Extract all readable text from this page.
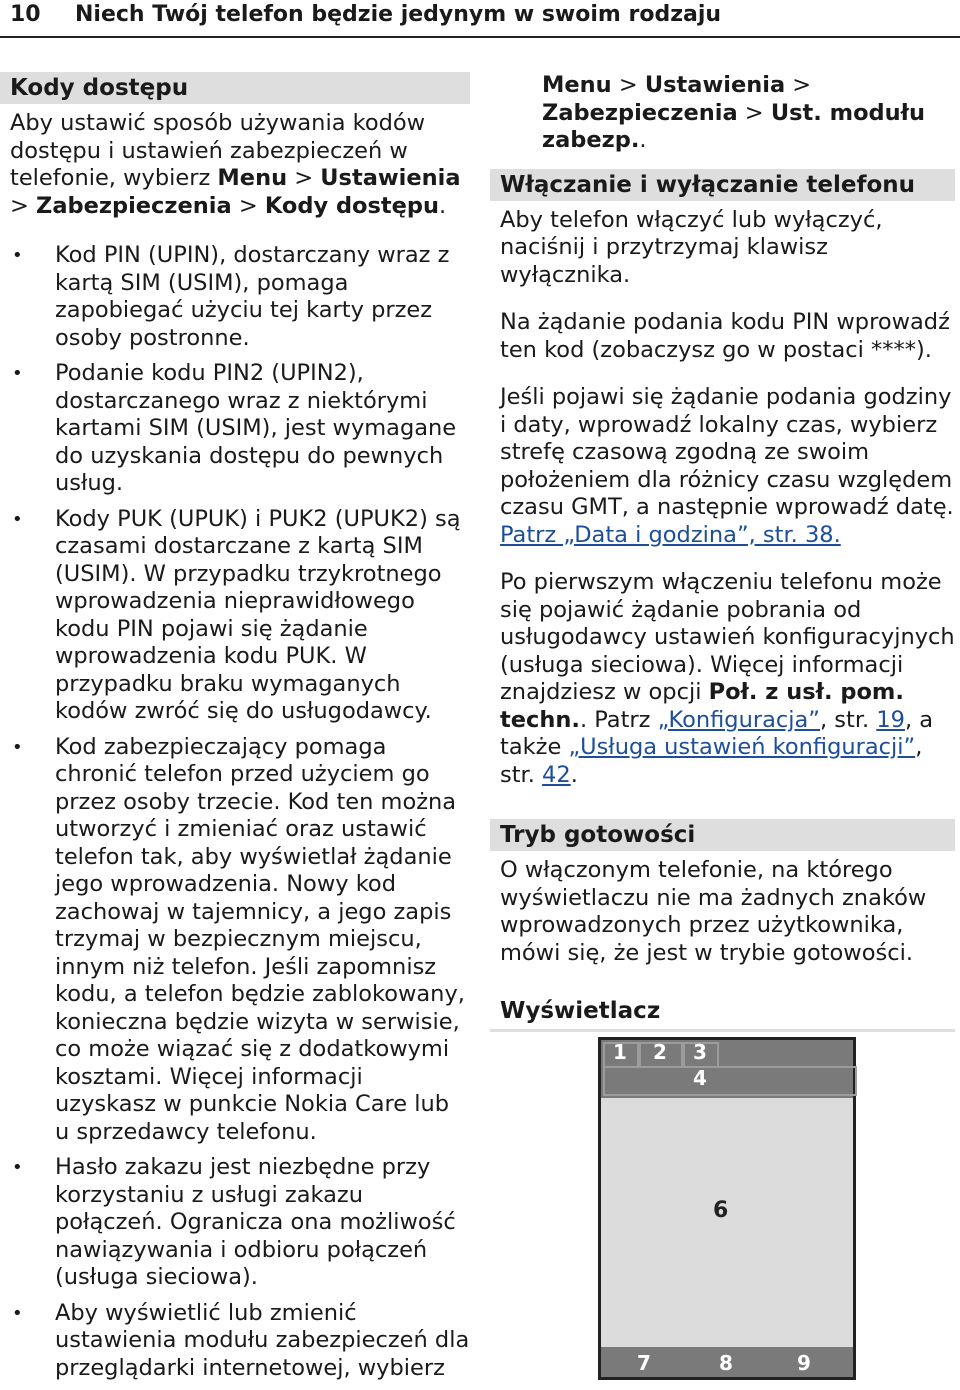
10 Niech Twój telefon będzie jedynym w swoim rodzaju
Kody dostępu

Aby ustawić sposób używania kodów dostępu i ustawień zabezpieczeń w telefonie, wybierz Menu > Ustawienia > Zabezpieczenia > Kody dostępu.

• Kod PIN (UPIN), dostarczany wraz z kartą SIM (USIM), pomaga zapobiegać użyciu tej karty przez osoby postronne.
• Podanie kodu PIN2 (UPIN2), dostarczanego wraz z niektórymi kartami SIM (USIM), jest wymagane do uzyskania dostępu do pewnych usług.
• Kody PUK (UPUK) i PUK2 (UPUK2) są czasami dostarczane z kartą SIM (USIM). W przypadku trzykrotnego wprowadzenia nieprawidłowego kodu PIN pojawi się żądanie wprowadzenia kodu PUK. W przypadku braku wymaganych kodów zwróć się do usługodawcy.
• Kod zabezpieczający pomaga chronić telefon przed użyciem go przez osoby trzecie. Kod ten można utworzyć i zmieniać oraz ustawić telefon tak, aby wyświetlał żądanie jego wprowadzenia. Nowy kod zachowaj w tajemnicy, a jego zapis trzymaj w bezpiecznym miejscu, innym niż telefon. Jeśli zapomnisz kodu, a telefon będzie zablokowany, konieczna będzie wizyta w serwisie, co może wiązać się z dodatkowymi kosztami. Więcej informacji uzyskasz w punkcie Nokia Care lub u sprzedawcy telefonu.
• Hasło zakazu jest niezbędne przy korzystaniu z usługi zakazu połączeń. Ogranicza ona możliwość nawiązywania i odbioru połączeń (usługa sieciowa).
• Aby wyświetlić lub zmienić ustawienia modułu zabezpieczeń dla przeglądarki internetowej, wybierz

Menu > Ustawienia > Zabezpieczenia > Ust. modułu zabezp..

Włączanie i wyłączanie telefonu

Aby telefon włączyć lub wyłączyć, naciśnij i przytrzymaj klawisz wyłącznika.

Na żądanie podania kodu PIN wprowadź ten kod (zobaczysz go w postaci ****).

Jeśli pojawi się żądanie podania godziny i daty, wprowadź lokalny czas, wybierz strefę czasową zgodną ze swoim położeniem dla różnicy czasu względem czasu GMT, a następnie wprowadź datę. Patrz „Data i godzina”, str. 38.

Po pierwszym włączeniu telefonu może się pojawić żądanie pobrania od usługodawcy ustawień konfiguracyjnych (usługa sieciowa). Więcej informacji znajdziesz w opcji Poł. z usł. pom. techn.. Patrz „Konfiguracja”, str. 19, a także „Usługa ustawień konfiguracji”, str. 42.

Tryb gotowości

O włączonym telefonie, na którego wyświetlaczu nie ma żadnych znaków wprowadzonych przez użytkownika, mówi się, że jest w trybie gotowości.

Wyświetlacz
1 2 3
4
6
7	8	9
